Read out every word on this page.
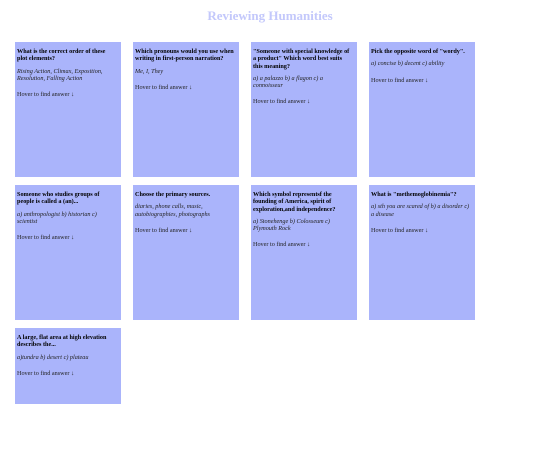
Reviewing Humanities

What is the correct order of these plot elements?

Rising Action, Climax, Exposition, Resolution, Falling Action

Hover to find answer ↓

Which pronouns would you use when writing in first-person narration?

Me, I, They

Hover to find answer ↓

"Someone with special knowledge of a product" Which word best suits this meaning?

a) a palazzo b) a flagon c) a connoisseur

Hover to find answer ↓

Pick the opposite word of "wordy".

a) concise b) decent c) ability

Hover to find answer ↓

Someone who studies groups of people is called a (an)...

a) anthropologist b) historian c) scientist

Hover to find answer ↓

Choose the primary sources.

diaries, phone calls, music, autobiographies, photographs

Hover to find answer ↓

Which symbol representsf the founding of America, spirit of exploration,and independence?

a) Stonehenge b) Colosseum c) Plymouth Rock

Hover to find answer ↓

What is "methemoglobinemia"?

a) sth you are scared of b) a disorder c) a disease

Hover to find answer ↓

A large, flat area at high elevation describes the...

a)tundra b) desert c) plateau

Hover to find answer ↓
